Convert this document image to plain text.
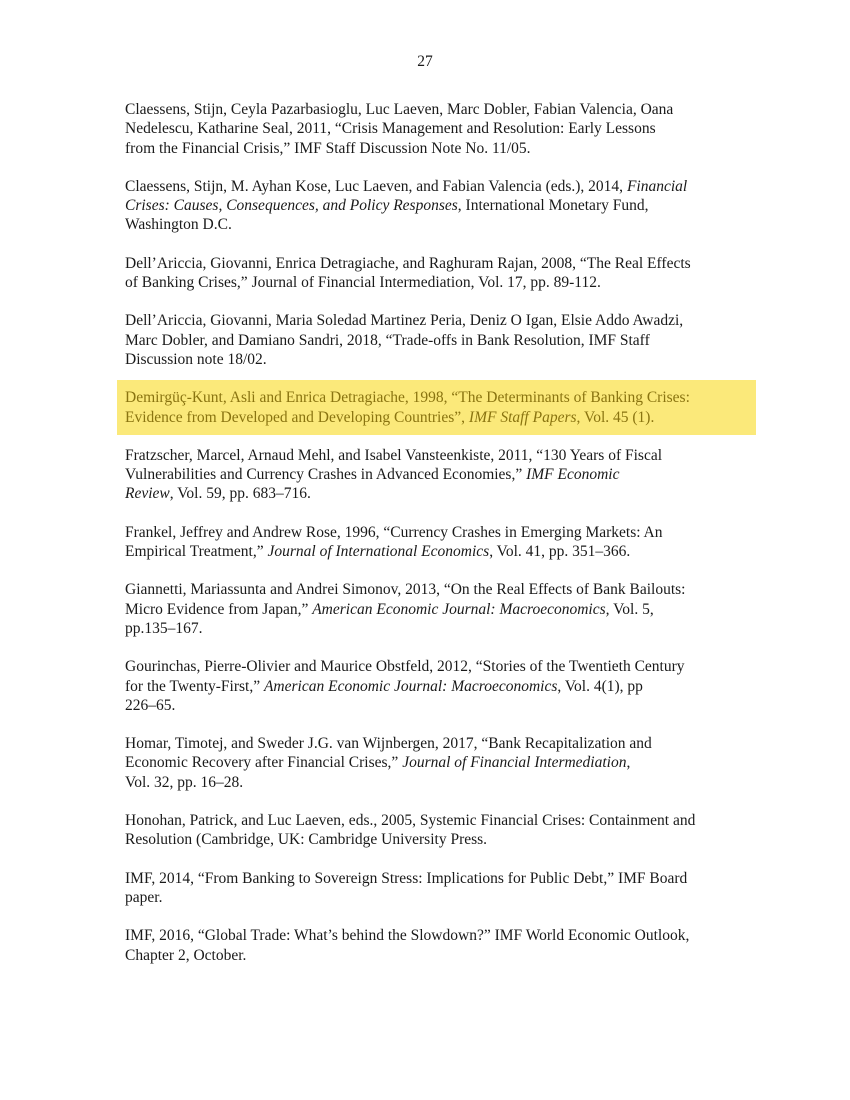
27
Claessens, Stijn, Ceyla Pazarbasioglu, Luc Laeven, Marc Dobler, Fabian Valencia, Oana
Nedelescu, Katharine Seal, 2011, “Crisis Management and Resolution: Early Lessons
from the Financial Crisis,” IMF Staff Discussion Note No. 11/05.
Claessens, Stijn, M. Ayhan Kose, Luc Laeven, and Fabian Valencia (eds.), 2014, Financial
Crises: Causes, Consequences, and Policy Responses, International Monetary Fund,
Washington D.C.
Dell’Ariccia, Giovanni, Enrica Detragiache, and Raghuram Rajan, 2008, “The Real Effects
of Banking Crises,” Journal of Financial Intermediation, Vol. 17, pp. 89-112.
Dell’Ariccia, Giovanni, Maria Soledad Martinez Peria, Deniz O Igan, Elsie Addo Awadzi,
Marc Dobler, and Damiano Sandri, 2018, “Trade-offs in Bank Resolution, IMF Staff
Discussion note 18/02.
Demirgüç-Kunt, Asli and Enrica Detragiache, 1998, “The Determinants of Banking Crises:
Evidence from Developed and Developing Countries”, IMF Staff Papers, Vol. 45 (1).
Fratzscher, Marcel, Arnaud Mehl, and Isabel Vansteenkiste, 2011, “130 Years of Fiscal
Vulnerabilities and Currency Crashes in Advanced Economies,” IMF Economic
Review, Vol. 59, pp. 683–716.
Frankel, Jeffrey and Andrew Rose, 1996, “Currency Crashes in Emerging Markets: An
Empirical Treatment,” Journal of International Economics, Vol. 41, pp. 351–366.
Giannetti, Mariassunta and Andrei Simonov, 2013, “On the Real Effects of Bank Bailouts:
Micro Evidence from Japan,” American Economic Journal: Macroeconomics, Vol. 5,
pp.135–167.
Gourinchas, Pierre-Olivier and Maurice Obstfeld, 2012, “Stories of the Twentieth Century
for the Twenty-First,” American Economic Journal: Macroeconomics, Vol. 4(1), pp
226–65.
Homar, Timotej, and Sweder J.G. van Wijnbergen, 2017, “Bank Recapitalization and
Economic Recovery after Financial Crises,” Journal of Financial Intermediation,
Vol. 32, pp. 16–28.
Honohan, Patrick, and Luc Laeven, eds., 2005, Systemic Financial Crises: Containment and
Resolution (Cambridge, UK: Cambridge University Press.
IMF, 2014, “From Banking to Sovereign Stress: Implications for Public Debt,” IMF Board
paper.
IMF, 2016, “Global Trade: What’s behind the Slowdown?” IMF World Economic Outlook,
Chapter 2, October.
